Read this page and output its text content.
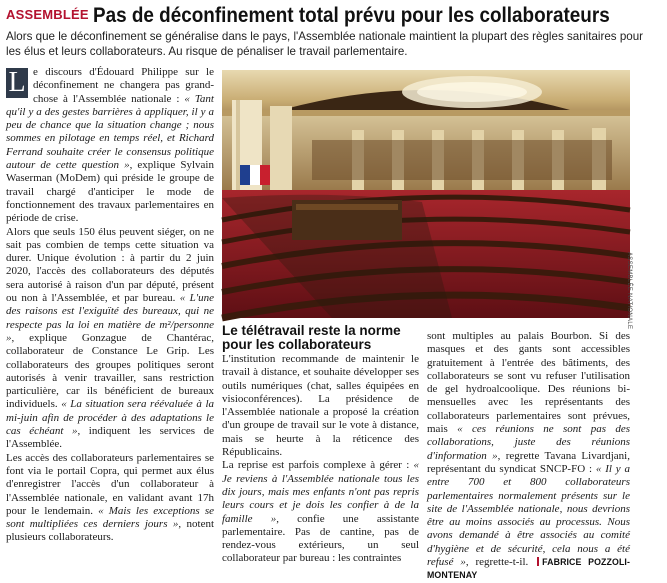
ASSEMBLÉE Pas de déconfinement total prévu pour les collaborateurs
Alors que le déconfinement se généralise dans le pays, l'Assemblée nationale maintient la plupart des règles sanitaires pour les élus et leurs collaborateurs. Au risque de pénaliser le travail parlementaire.

L e discours d'Édouard Philippe sur le déconfinement ne changera pas grand-chose à l'Assemblée nationale : « Tant qu'il y a des gestes barrières à appliquer, il y a peu de chance que la situation change ; nous sommes en pilotage en temps réel, et Richard Ferrand souhaite créer le consensus politique autour de cette question », explique Sylvain Waserman (MoDem) qui préside le groupe de travail chargé d'anticiper le mode de fonctionnement des travaux parlementaires en période de crise.

Alors que seuls 150 élus peuvent siéger, on ne sait pas combien de temps cette situation va durer. Unique évolution : à partir du 2 juin 2020, l'accès des collaborateurs des députés sera autorisé à raison d'un par député, présent ou non à l'Assemblée, et par bureau. « L'une des raisons est l'exiguïté des bureaux, qui ne respecte pas la loi en matière de m²/personne », explique Gonzague de Chantérac, collaborateur de Constance Le Grip. Les collaborateurs des groupes politiques seront autorisés à venir travailler, sans restriction particulière, car ils bénéficient de bureaux individuels. « La situation sera réévaluée à la mi-juin afin de procéder à des adaptations le cas échéant », indiquent les services de l'Assemblée.

Les accès des collaborateurs parlementaires se font via le portail Copra, qui permet aux élus d'enregistrer l'accès d'un collaborateur à l'Assemblée nationale, en validant avant 17h pour le lendemain. « Mais les exceptions se sont multipliées ces derniers jours », notent plusieurs collaborateurs.

ASSEMBLÉE NATIONALE
Le télétravail reste la norme pour les collaborateurs

L'institution recommande de maintenir le travail à distance, et souhaite développer ses outils numériques (chat, salles équipées en visioconférences). La présidence de l'Assemblée nationale a proposé la création d'un groupe de travail sur le vote à distance, mais se heurte à la réticence des Républicains.

La reprise est parfois complexe à gérer : « Je reviens à l'Assemblée nationale tous les dix jours, mais mes enfants n'ont pas repris leurs cours et je dois les confier à de la famille », confie une assistante parlementaire. Pas de cantine, pas de rendez-vous extérieurs, un seul collaborateur par bureau : les contraintes

sont multiples au palais Bourbon. Si des masques et des gants sont accessibles gratuitement à l'entrée des bâtiments, des collaborateurs se sont vu refuser l'utilisation de gel hydroalcoolique. Des réunions bi-mensuelles avec les représentants des collaborateurs parlementaires sont prévues, mais « ces réunions ne sont pas des collaborations, juste des réunions d'information », regrette Tavana Livardjani, représentant du syndicat SNCP-FO : « Il y a entre 700 et 800 collaborateurs parlementaires normalement présents sur le site de l'Assemblée nationale, nous devrions être au moins associés au processus. Nous avons demandé à être associés au comité d'hygiène et de sécurité, cela nous a été refusé », regrette-t-il. FABRICE POZZOLI-MONTENAY
